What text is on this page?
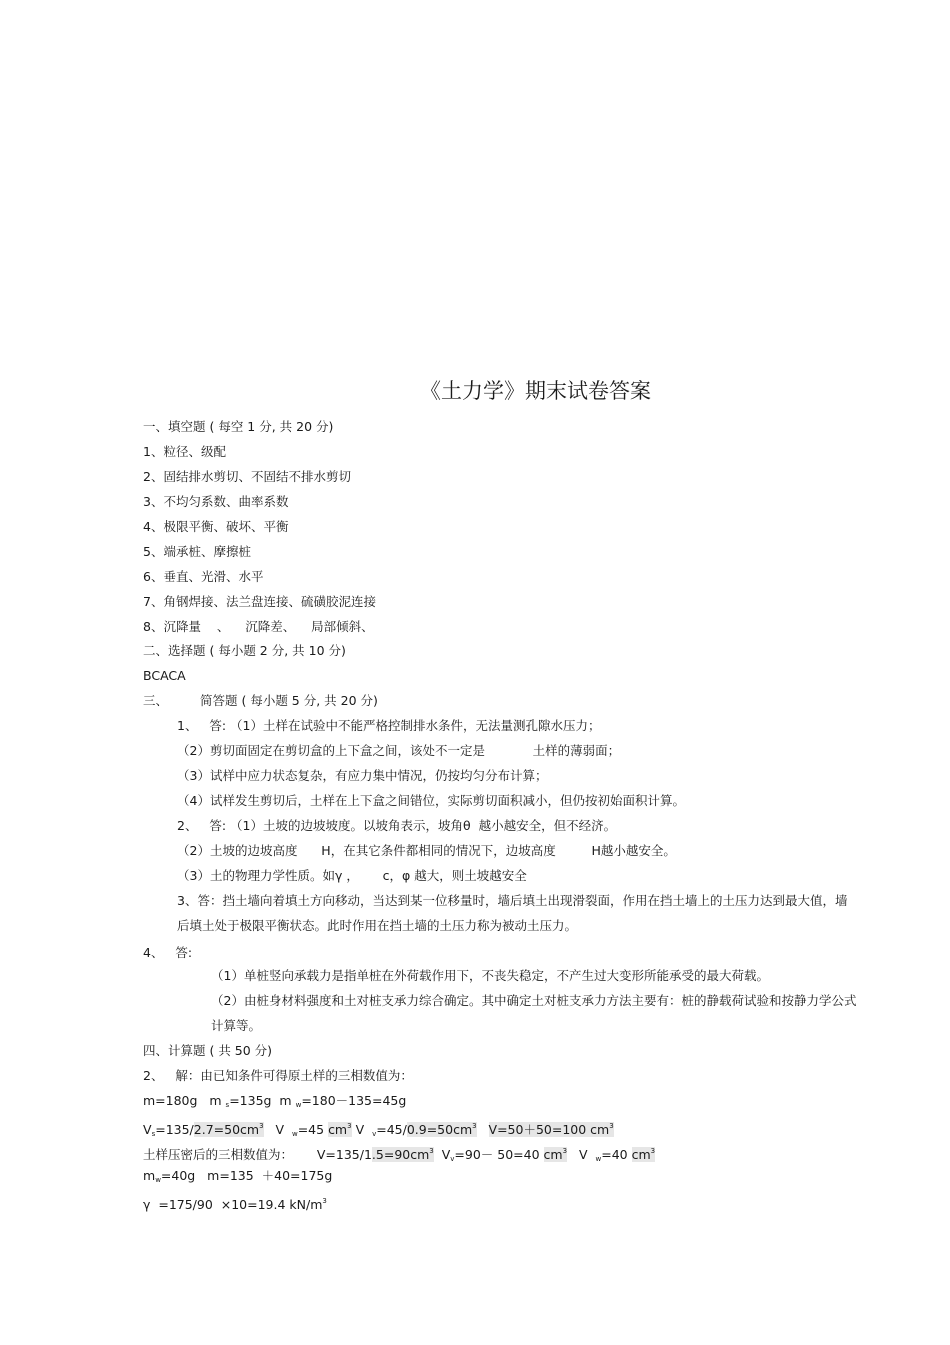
《土力学》期末试卷答案
一、填空题 ( 每空 1 分, 共 20 分)
1、粒径、级配
2、固结排水剪切、不固结不排水剪切
3、不均匀系数、曲率系数
4、极限平衡、破坏、平衡
5、端承桩、摩擦桩
6、垂直、光滑、水平
7、角钢焊接、法兰盘连接、硫磺胶泥连接
8、沉降量    、    沉降差、    局部倾斜、
二、选择题 ( 每小题 2 分, 共 10 分)
BCACA
三、	简答题 ( 每小题 5 分, 共 20 分)
1、   答: （1）土样在试验中不能严格控制排水条件，无法量测孔隙水压力；
（2）剪切面固定在剪切盒的上下盒之间，该处不一定是            土样的薄弱面；
（3）试样中应力状态复杂，有应力集中情况，仍按均匀分布计算；
（4）试样发生剪切后，土样在上下盒之间错位，实际剪切面积减小，但仍按初始面积计算。
2、   答: （1）土坡的边坡坡度。以坡角表示，坡角θ  越小越安全，但不经济。
（2）土坡的边坡高度      H，在其它条件都相同的情况下，边坡高度         H越小越安全。
（3）土的物理力学性质。如γ ，      c，φ 越大，则土坡越安全
3、答：挡土墙向着填土方向移动，当达到某一位移量时，墙后填土出现滑裂面，作用在挡土墙上的土压力达到最大值，墙
后填土处于极限平衡状态。此时作用在挡土墙的土压力称为被动土压力。
4、   答:
（1）单桩竖向承载力是指单桩在外荷载作用下，不丧失稳定，不产生过大变形所能承受的最大荷载。
（2）由桩身材料强度和土对桩支承力综合确定。其中确定土对桩支承力方法主要有：桩的静载荷试验和按静力学公式
计算等。
四、计算题 ( 共 50 分)
2、   解：由已知条件可得原土样的三相数值为：
m=180g m $_s$=135g m $_w$=180－135=45g
$V_s=135/2.7=50cm^3$ V  $_w$=45 $cm^3$ V  $_v=45/0.9=50cm^3$ V=50＋50=100 $cm^3$
土样压密后的三相数值为： $V=135/1.5=90cm^3$ $V_v=90- 50=40$ $cm^3$ V  $_w$=40 $cm^3$
$m_w=40g$ m=135  ＋40=175g
γ  =175/90  ×10=19.4 $kN/m^3$
